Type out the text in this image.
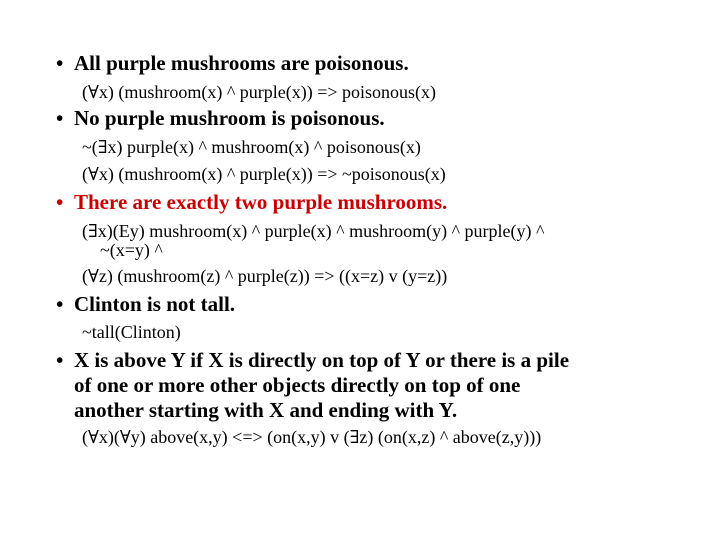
• All purple mushrooms are poisonous.
(∀x) (mushroom(x) ^ purple(x)) => poisonous(x)
• No purple mushroom is poisonous.
~(∃x) purple(x) ^ mushroom(x) ^ poisonous(x)
(∀x) (mushroom(x) ^ purple(x)) => ~poisonous(x)
• There are exactly two purple mushrooms.
(∃x)(Ey) mushroom(x) ^ purple(x) ^ mushroom(y) ^ purple(y) ^
~(x=y) ^
(∀z) (mushroom(z) ^ purple(z)) => ((x=z) v (y=z))
• Clinton is not tall.
~tall(Clinton)
• X is above Y if X is directly on top of Y or there is a pile
of one or more other objects directly on top of one
another starting with X and ending with Y.
(∀x)(∀y) above(x,y) <=> (on(x,y) v (∃z) (on(x,z) ^ above(z,y)))
